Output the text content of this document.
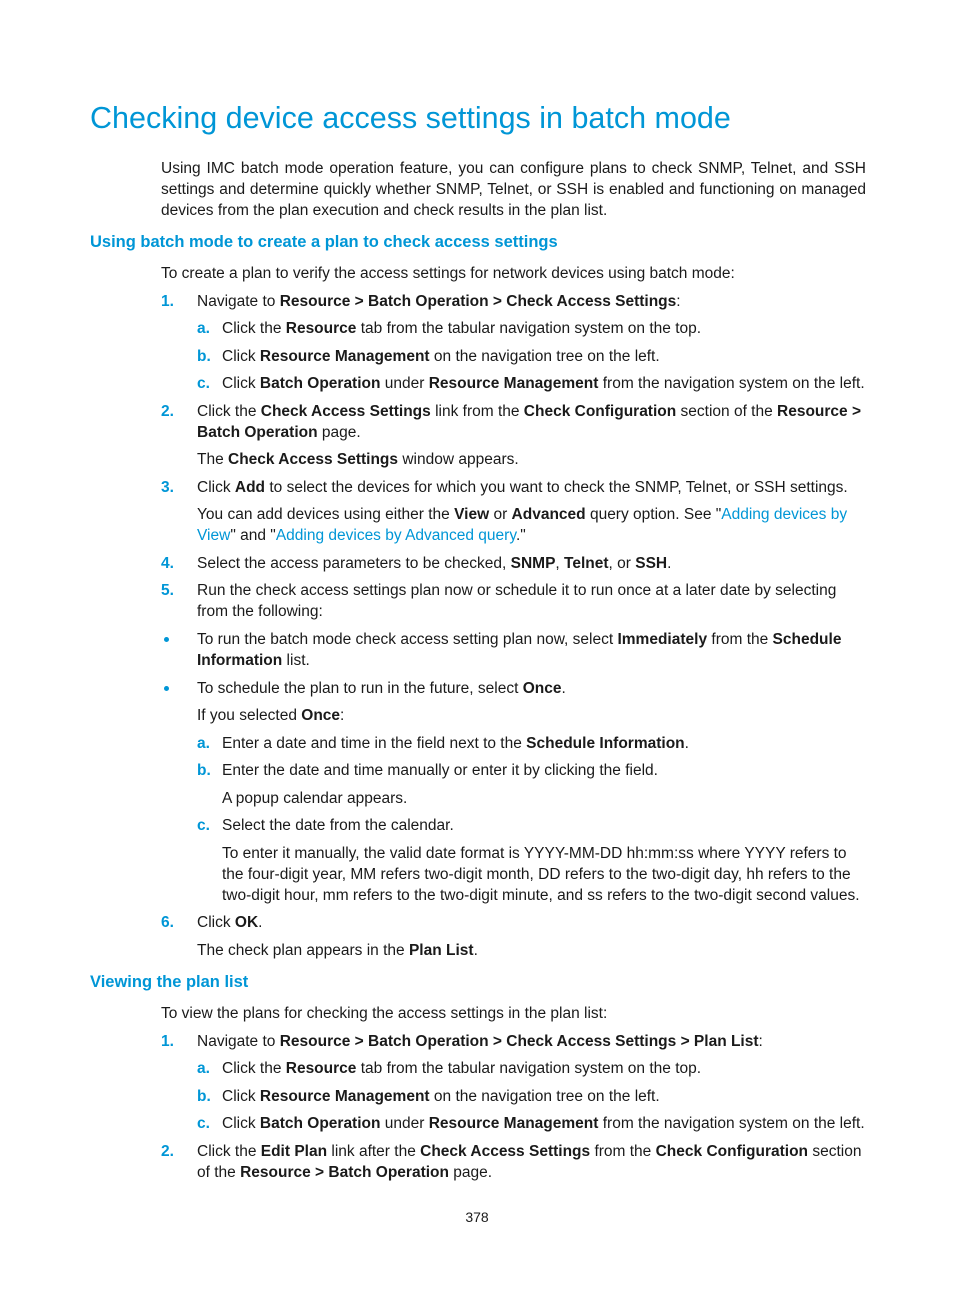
Checking device access settings in batch mode

Using IMC batch mode operation feature, you can configure plans to check SNMP, Telnet, and SSH settings and determine quickly whether SNMP, Telnet, or SSH is enabled and functioning on managed devices from the plan execution and check results in the plan list.

Using batch mode to create a plan to check access settings

To create a plan to verify the access settings for network devices using batch mode:

1. Navigate to Resource > Batch Operation > Check Access Settings:

a. Click the Resource tab from the tabular navigation system on the top.

b. Click Resource Management on the navigation tree on the left.

c. Click Batch Operation under Resource Management from the navigation system on the left.

2. Click the Check Access Settings link from the Check Configuration section of the Resource > Batch Operation page.

The Check Access Settings window appears.

3. Click Add to select the devices for which you want to check the SNMP, Telnet, or SSH settings.

You can add devices using either the View or Advanced query option. See "Adding devices by View" and "Adding devices by Advanced query."

4. Select the access parameters to be checked, SNMP, Telnet, or SSH.

5. Run the check access settings plan now or schedule it to run once at a later date by selecting from the following:

To run the batch mode check access setting plan now, select Immediately from the Schedule Information list.

To schedule the plan to run in the future, select Once.

If you selected Once:

a. Enter a date and time in the field next to the Schedule Information.

b. Enter the date and time manually or enter it by clicking the field.

A popup calendar appears.

c. Select the date from the calendar.

To enter it manually, the valid date format is YYYY-MM-DD hh:mm:ss where YYYY refers to the four-digit year, MM refers two-digit month, DD refers to the two-digit day, hh refers to the two-digit hour, mm refers to the two-digit minute, and ss refers to the two-digit second values.

6. Click OK.

The check plan appears in the Plan List.

Viewing the plan list

To view the plans for checking the access settings in the plan list:

1. Navigate to Resource > Batch Operation > Check Access Settings > Plan List:

a. Click the Resource tab from the tabular navigation system on the top.

b. Click Resource Management on the navigation tree on the left.

c. Click Batch Operation under Resource Management from the navigation system on the left.

2. Click the Edit Plan link after the Check Access Settings from the Check Configuration section of the Resource > Batch Operation page.

378
